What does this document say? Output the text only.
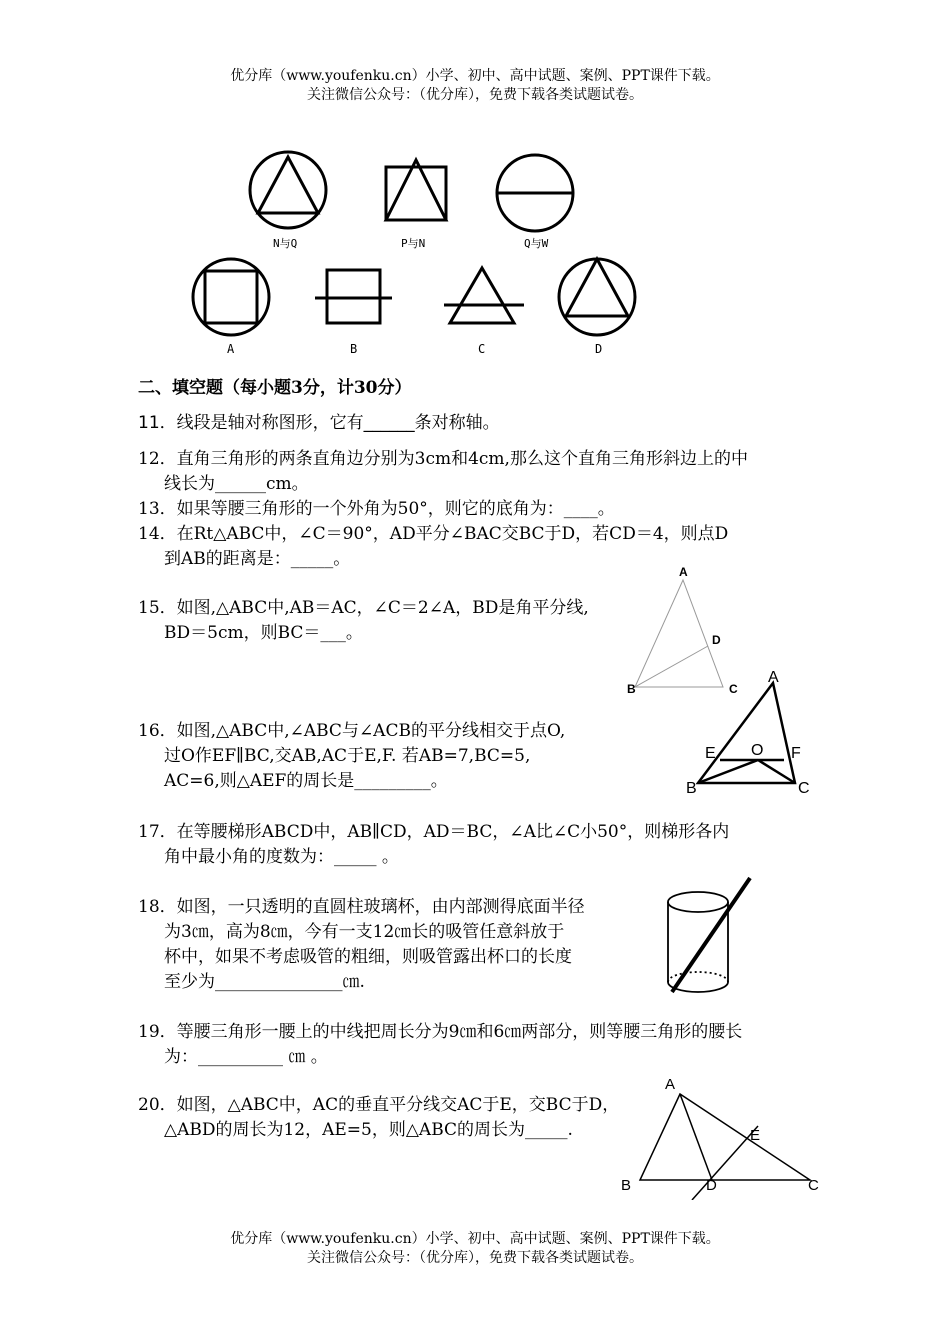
优分库（www.youfenku.cn）小学、初中、高中试题、案例、PPT课件下载。
关注微信公众号：（优分库），免费下载各类试题试卷。
N与Q	P与N	Q与W
A	B	C	D
二、填空题（每小题3分，计30分）
11．线段是轴对称图形，它有______条对称轴。
12．直角三角形的两条直角边分别为3cm和4cm,那么这个直角三角形斜边上的中
线长为______cm。
13．如果等腰三角形的一个外角为50°，则它的底角为：____。
14．在Rt△ABC中，∠C＝90°，AD平分∠BAC交BC于D，若CD＝4，则点D
到AB的距离是：_____。
15．如图,△ABC中,AB＝AC，∠C＝2∠A，BD是角平分线,
BD＝5cm，则BC＝___。
A
D
B	C
16．如图,△ABC中,∠ABC与∠ACB的平分线相交于点O,
过O作EF∥BC,交AB,AC于E,F. 若AB=7,BC=5,
AC=6,则△AEF的周长是_________。
A
E O F
B	C
17．在等腰梯形ABCD中，AB∥CD，AD＝BC，∠A比∠C小50°，则梯形各内
角中最小角的度数为：_____ 。
18．如图，一只透明的直圆柱玻璃杯，由内部测得底面半径
为3㎝，高为8㎝，今有一支12㎝长的吸管任意斜放于
杯中，如果不考虑吸管的粗细，则吸管露出杯口的长度
至少为_______________㎝.
19．等腰三角形一腰上的中线把周长分为9㎝和6㎝两部分，则等腰三角形的腰长
为：__________ ㎝ 。
20．如图，△ABC中，AC的垂直平分线交AC于E，交BC于D，
△ABD的周长为12，AE=5，则△ABC的周长为_____.
A
E
B	D	C
优分库（www.youfenku.cn）小学、初中、高中试题、案例、PPT课件下载。
关注微信公众号：（优分库），免费下载各类试题试卷。
